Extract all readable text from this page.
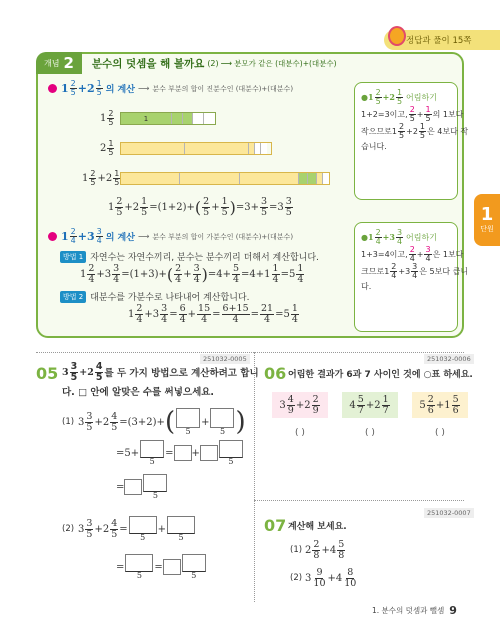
정답과 풀이 15쪽
개념 2 분수의 덧셈을 해 볼까요 (2) ⟶ 분모가 같은 (대분수)+(대분수)
1 2
5 +2 1
5 의 계산 ⟶ 분수 부분의 합이 진분수인 (대분수)+(대분수)
1 2
5	1
2 1
5
1 2
5 +2 1
5
1 2
$5 +2 \frac{1}{5} =(1+2)+$ ( 2
$5 + \frac{1}{5}$ ) $=3+ \frac{3}{5} =3$ 3
5
1 2
4 +3 3
4 의 계산 ⟶ 분수 부분의 합이 가분수인 (대분수)+(대분수)
방법 1 자연수는 자연수끼리, 분수는 분수끼리 더해서 계산합니다.
1 2
$4 +3 \frac{3}{4} =(1+3)+$ ( 2
$4 + \frac{3}{4}$ ) $=4+ \frac{5}{4} =4+1 \frac{1}{4} =5$ 1
4
방법 2 대분수를 가분수로 나타내어 계산합니다.
1 2
$4 +3 \frac{3}{4} = \frac{6}{4} + \frac{15}{4} = \frac{6+15}{4} = \frac{21}{4} =5$ 1
4
● 1 2
5 +2 1
5 어림하기
1+2=3이고,
2
$5 + \frac{1}{5}$ 의 1보다
작으므로 1
2
5 +2
1
5 은 4보다 작
습니다.
● 1 2
4 +3 3
4 어림하기
1+3=4이고,
2
$4 + \frac{3}{4}$ 은 1보다
크므로 1
2
4 +3
3
4 은 5보다 큽니
다.
1
단원
251032-0005
05 3 3
5 +2 4
5 를 두 가지 방법으로 계산하려고 합니
다. □ 안에 알맞은 수를 써넣으세요.
(1) 3 3
$5 +2 \frac{4}{5} =(3+2)+$ ( 5
+
5 )
=5+
5
= +
5
=
5
(2) 3 3
$5 +2 \frac{4}{5}$ =
5
+
5
=
5
=
5
251032-0006
06 어림한 결과가 6과 7 사이인 것에 ○표 하세요.
3 4
9 +2 2
9	4 5
7 +2 1
7	5 2
6 +1 5
6
( )	( )	( )
251032-0007
07 계산해 보세요.
(1) 2 2
8 +4 5
8
(2) 3 9
10 +4 8
10
1. 분수의 덧셈과 뺄셈 9
